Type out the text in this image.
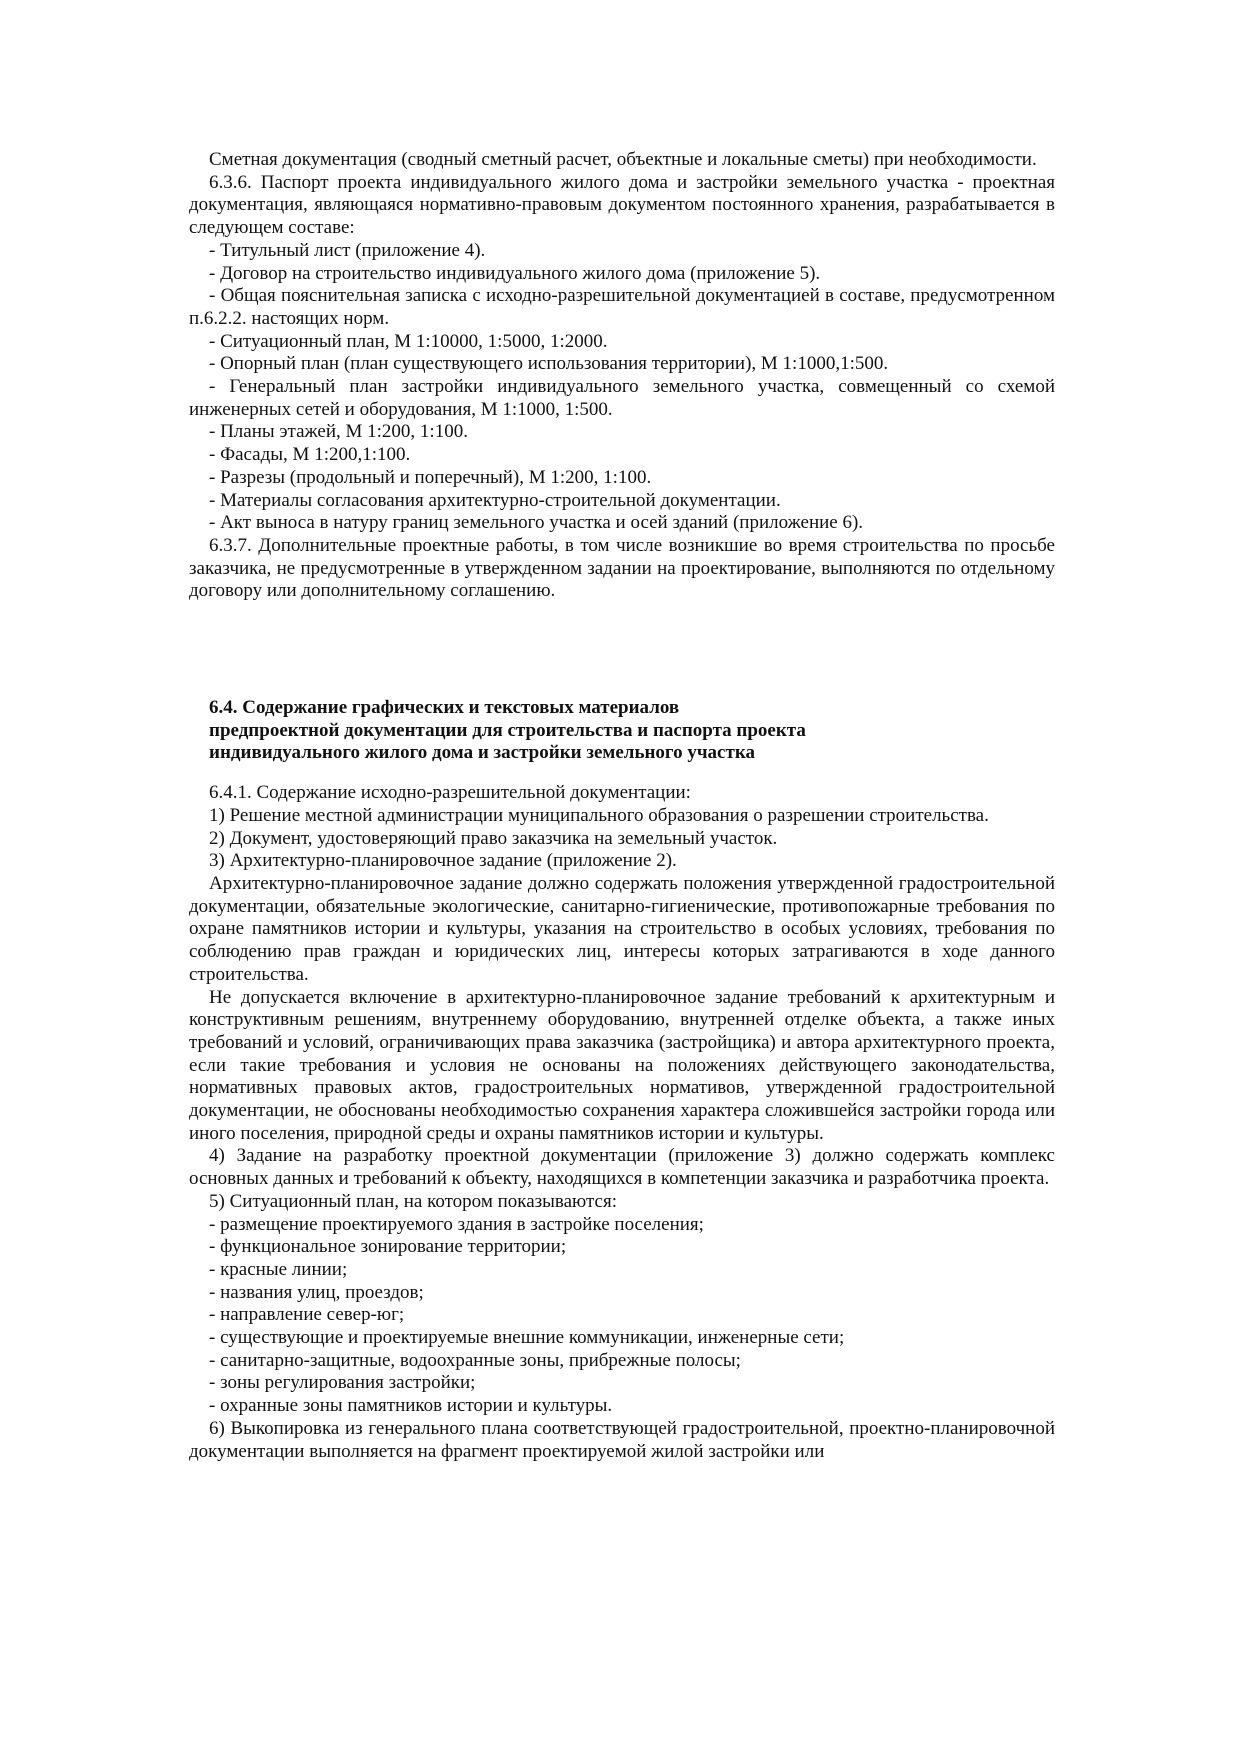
Сметная документация (сводный сметный расчет, объектные и локальные сметы) при необходимости.

6.3.6. Паспорт проекта индивидуального жилого дома и застройки земельного участка - проектная документация, являющаяся нормативно-правовым документом постоянного хранения, разрабатывается в следующем составе:

- Титульный лист (приложение 4).

- Договор на строительство индивидуального жилого дома (приложение 5).

- Общая пояснительная записка с исходно-разрешительной документацией в составе, предусмотренном п.6.2.2. настоящих норм.

- Ситуационный план, М 1:10000, 1:5000, 1:2000.

- Опорный план (план существующего использования территории), М 1:1000,1:500.

- Генеральный план застройки индивидуального земельного участка, совмещенный со схемой инженерных сетей и оборудования, М 1:1000, 1:500.

- Планы этажей, М 1:200, 1:100.

- Фасады, М 1:200,1:100.

- Разрезы (продольный и поперечный), М 1:200, 1:100.

- Материалы согласования архитектурно-строительной документации.

- Акт выноса в натуру границ земельного участка и осей зданий (приложение 6).

6.3.7. Дополнительные проектные работы, в том числе возникшие во время строительства по просьбе заказчика, не предусмотренные в утвержденном задании на проектирование, выполняются по отдельному договору или дополнительному соглашению.

6.4. Содержание графических и текстовых материалов

предпроектной документации для строительства и паспорта проекта

индивидуального жилого дома и застройки земельного участка

6.4.1. Содержание исходно-разрешительной документации:

1) Решение местной администрации муниципального образования о разрешении строительства.

2) Документ, удостоверяющий право заказчика на земельный участок.

3) Архитектурно-планировочное задание (приложение 2).

Архитектурно-планировочное задание должно содержать положения утвержденной градостроительной документации, обязательные экологические, санитарно-гигиенические, противопожарные требования по охране памятников истории и культуры, указания на строительство в особых условиях, требования по соблюдению прав граждан и юридических лиц, интересы которых затрагиваются в ходе данного строительства.

Не допускается включение в архитектурно-планировочное задание требований к архитектурным и конструктивным решениям, внутреннему оборудованию, внутренней отделке объекта, а также иных требований и условий, ограничивающих права заказчика (застройщика) и автора архитектурного проекта, если такие требования и условия не основаны на положениях действующего законодательства, нормативных правовых актов, градостроительных нормативов, утвержденной градостроительной документации, не обоснованы необходимостью сохранения характера сложившейся застройки города или иного поселения, природной среды и охраны памятников истории и культуры.

4) Задание на разработку проектной документации (приложение 3) должно содержать комплекс основных данных и требований к объекту, находящихся в компетенции заказчика и разработчика проекта.

5) Ситуационный план, на котором показываются:

- размещение проектируемого здания в застройке поселения;

- функциональное зонирование территории;

- красные линии;

- названия улиц, проездов;

- направление север-юг;

- существующие и проектируемые внешние коммуникации, инженерные сети;

- санитарно-защитные, водоохранные зоны, прибрежные полосы;

- зоны регулирования застройки;

- охранные зоны памятников истории и культуры.

6) Выкопировка из генерального плана соответствующей градостроительной, проектно-планировочной документации выполняется на фрагмент проектируемой жилой застройки или
